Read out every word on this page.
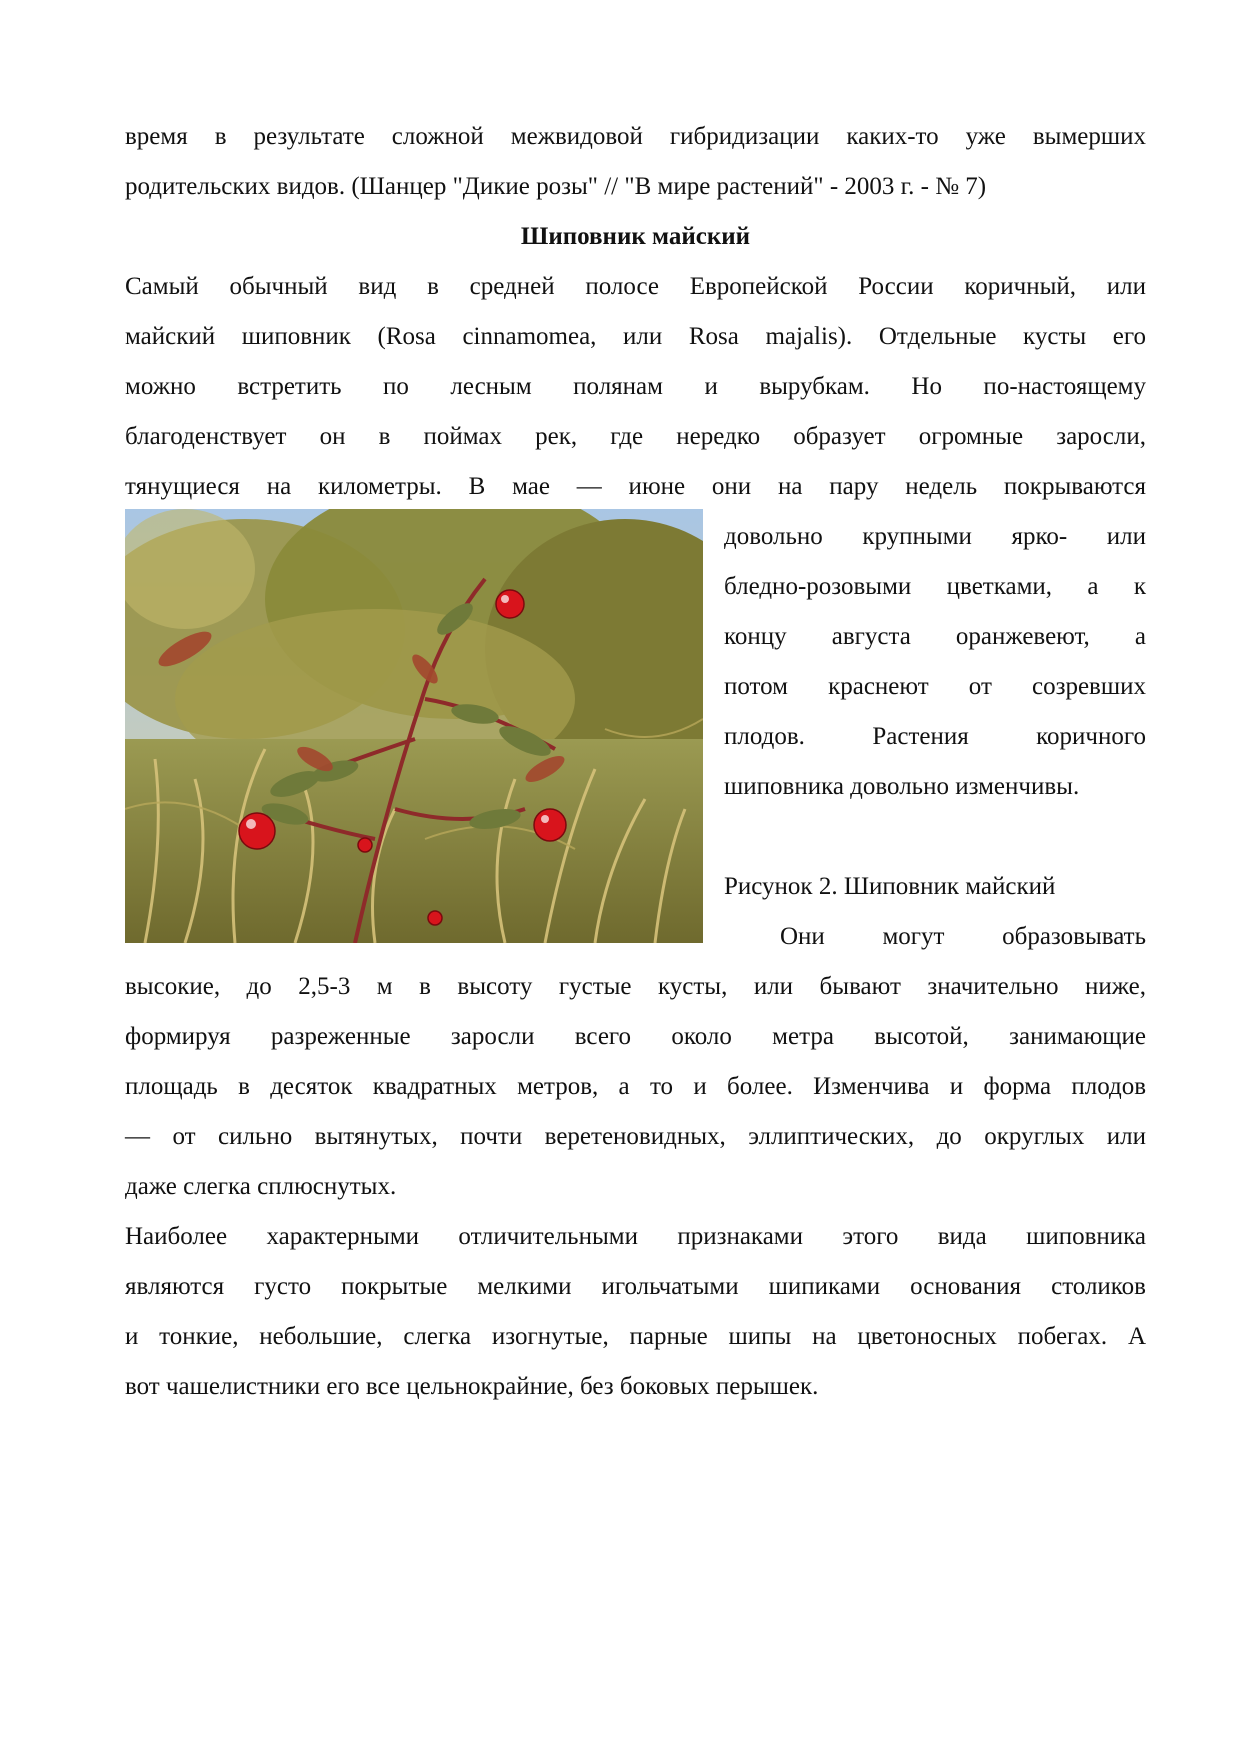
время в результате сложной межвидовой гибридизации каких-то уже вымерших
родительских видов. (Шанцер "Дикие розы" // "В мире растений" - 2003 г. - № 7)
Шиповник майский
Самый обычный вид в средней полосе Европейской России коричный, или
майский шиповник (Rosa cinnamomea, или Rosa majalis). Отдельные кусты его
можно встретить по лесным полянам и вырубкам. Но по-настоящему
благоденствует он в поймах рек, где нередко образует огромные заросли,
тянущиеся на километры. В мае — июне они на пару недель покрываются
довольно крупными ярко- или
бледно-розовыми цветками, а к
концу августа оранжевеют, а
потом краснеют от созревших
плодов. Растения коричного
шиповника довольно изменчивы.
Рисунок 2. Шиповник майский
Они могут образовывать
высокие, до 2,5-3 м в высоту густые кусты, или бывают значительно ниже,
формируя разреженные заросли всего около метра высотой, занимающие
площадь в десяток квадратных метров, а то и более. Изменчива и форма плодов
— от сильно вытянутых, почти веретеновидных, эллиптических, до округлых или
даже слегка сплюснутых.
Наиболее характерными отличительными признаками этого вида шиповника
являются густо покрытые мелкими игольчатыми шипиками основания столиков
и тонкие, небольшие, слегка изогнутые, парные шипы на цветоносных побегах. А
вот чашелистники его все цельнокрайние, без боковых перышек.
